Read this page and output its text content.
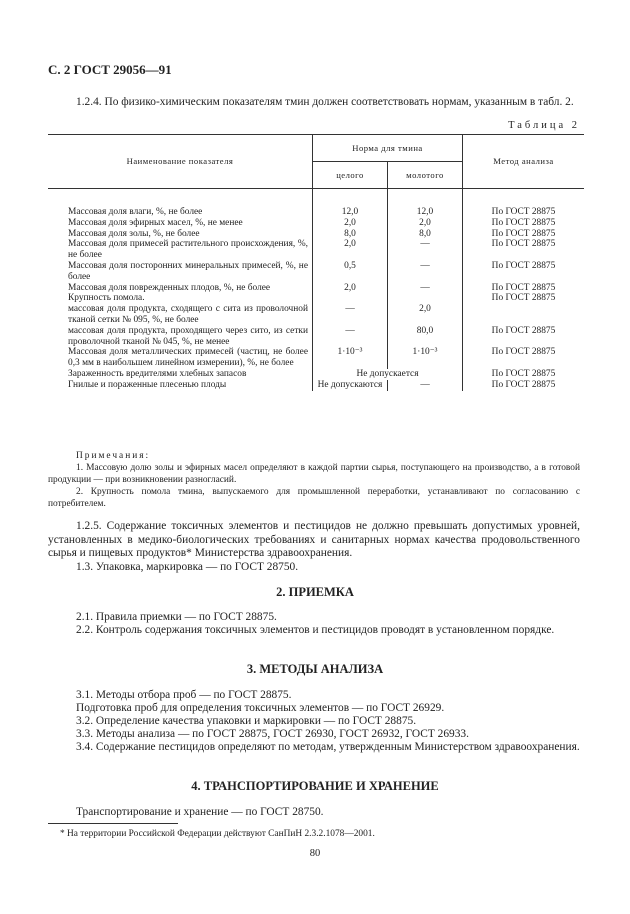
С. 2 ГОСТ 29056—91
1.2.4. По физико-химическим показателям тмин должен соответствовать нормам, указанным в табл. 2.
Таблица 2
Наименование показателя	Норма для тмина		Метод анализа
	целого	молотого	
Массовая доля влаги, %, не более	12,0	12,0	По ГОСТ 28875
Массовая доля эфирных масел, %, не менее	2,0	2,0	По ГОСТ 28875
Массовая доля золы, %, не более	8,0	8,0	По ГОСТ 28875
Массовая доля примесей растительного происхождения, %, не более	2,0	—	По ГОСТ 28875
Массовая доля посторонних минеральных примесей, %, не более	0,5	—	По ГОСТ 28875
Массовая доля поврежденных плодов, %, не более	2,0	—	По ГОСТ 28875
Крупность помола.			По ГОСТ 28875
массовая доля продукта, сходящего с сита из проволочной тканой сетки № 095, %, не более	—	2,0	
массовая доля продукта, проходящего через сито, из сетки проволочной тканой № 045, %, не менее	—	80,0	По ГОСТ 28875
Массовая доля металлических примесей (частиц, не более 0,3 мм в наибольшем линейном измерении), %, не более	1·10⁻³	1·10⁻³	По ГОСТ 28875
Зараженность вредителями хлебных запасов	Не допускается		По ГОСТ 28875
Гнилые и пораженные плесенью плоды	Не допускаются	—	По ГОСТ 28875
Примечания:
1. Массовую долю золы и эфирных масел определяют в каждой партии сырья, поступающего на производство, а в готовой продукции — при возникновении разногласий.
2. Крупность помола тмина, выпускаемого для промышленной переработки, устанавливают по согласованию с потребителем.
1.2.5. Содержание токсичных элементов и пестицидов не должно превышать допустимых уровней, установленных в медико-биологических требованиях и санитарных нормах качества продовольственного сырья и пищевых продуктов* Министерства здравоохранения.
1.3. Упаковка, маркировка — по ГОСТ 28750.
2. ПРИЕМКА
2.1. Правила приемки — по ГОСТ 28875.
2.2. Контроль содержания токсичных элементов и пестицидов проводят в установленном порядке.
3. МЕТОДЫ АНАЛИЗА
3.1. Методы отбора проб — по ГОСТ 28875.
Подготовка проб для определения токсичных элементов — по ГОСТ 26929.
3.2. Определение качества упаковки и маркировки — по ГОСТ 28875.
3.3. Методы анализа — по ГОСТ 28875, ГОСТ 26930, ГОСТ 26932, ГОСТ 26933.
3.4. Содержание пестицидов определяют по методам, утвержденным Министерством здравоохранения.
4. ТРАНСПОРТИРОВАНИЕ И ХРАНЕНИЕ
Транспортирование и хранение — по ГОСТ 28750.
* На территории Российской Федерации действуют СанПиН 2.3.2.1078—2001.
80
